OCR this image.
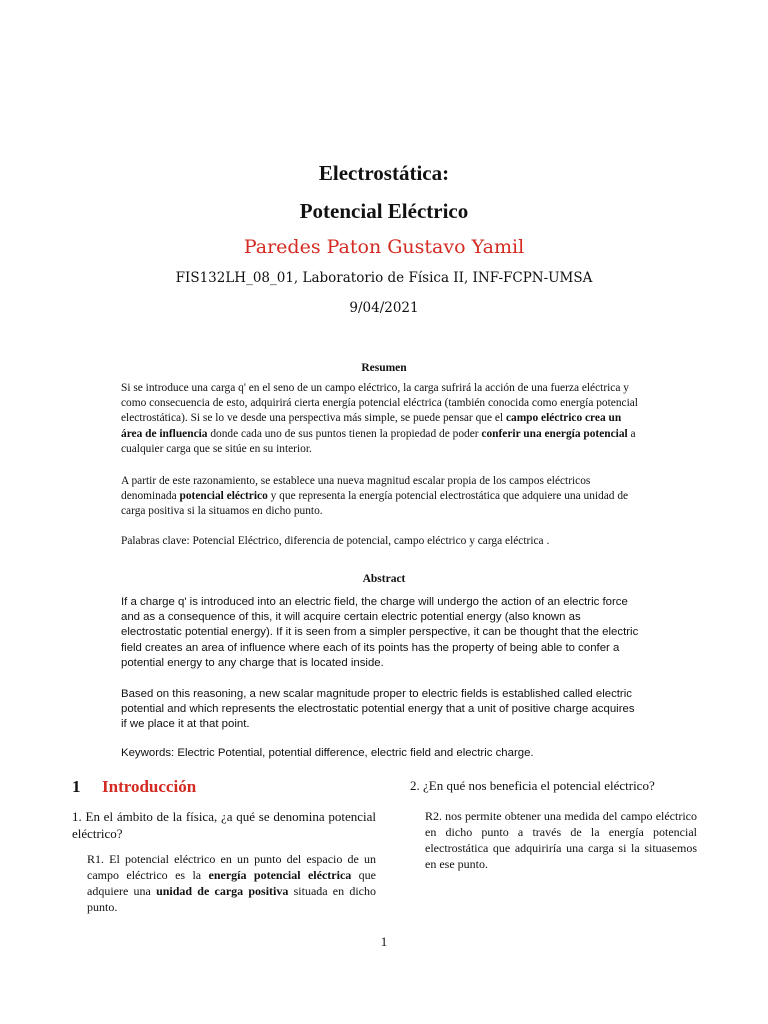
Electrostática:
Potencial Eléctrico
Paredes Paton Gustavo Yamil
FIS132LH_08_01, Laboratorio de Física II, INF-FCPN-UMSA
9/04/2021
Resumen
Si se introduce una carga q' en el seno de un campo eléctrico, la carga sufrirá la acción de una fuerza eléctrica y como consecuencia de esto, adquirirá cierta energía potencial eléctrica (también conocida como energía potencial electrostática). Si se lo ve desde una perspectiva más simple, se puede pensar que el campo eléctrico crea un área de influencia donde cada uno de sus puntos tienen la propiedad de poder conferir una energía potencial a cualquier carga que se sitúe en su interior.
A partir de este razonamiento, se establece una nueva magnitud escalar propia de los campos eléctricos denominada potencial eléctrico y que representa la energía potencial electrostática que adquiere una unidad de carga positiva si la situamos en dicho punto.
Palabras clave: Potencial Eléctrico, diferencia de potencial, campo eléctrico y carga eléctrica .
Abstract
If a charge q' is introduced into an electric field, the charge will undergo the action of an electric force and as a consequence of this, it will acquire certain electric potential energy (also known as electrostatic potential energy). If it is seen from a simpler perspective, it can be thought that the electric field creates an area of influence where each of its points has the property of being able to confer a potential energy to any charge that is located inside.
Based on this reasoning, a new scalar magnitude proper to electric fields is established called electric potential and which represents the electrostatic potential energy that a unit of positive charge acquires if we place it at that point.
Keywords: Electric Potential, potential difference, electric field and electric charge.
1 Introducción
1. En el ámbito de la física, ¿a qué se denomina potencial eléctrico?
R1. El potencial eléctrico en un punto del espacio de un campo eléctrico es la energía potencial eléctrica que adquiere una unidad de carga positiva situada en dicho punto.
2. ¿En qué nos beneficia el potencial eléctrico?
R2. nos permite obtener una medida del campo eléctrico en dicho punto a través de la energía potencial electrostática que adquiriría una carga si la situasemos en ese punto.
1
